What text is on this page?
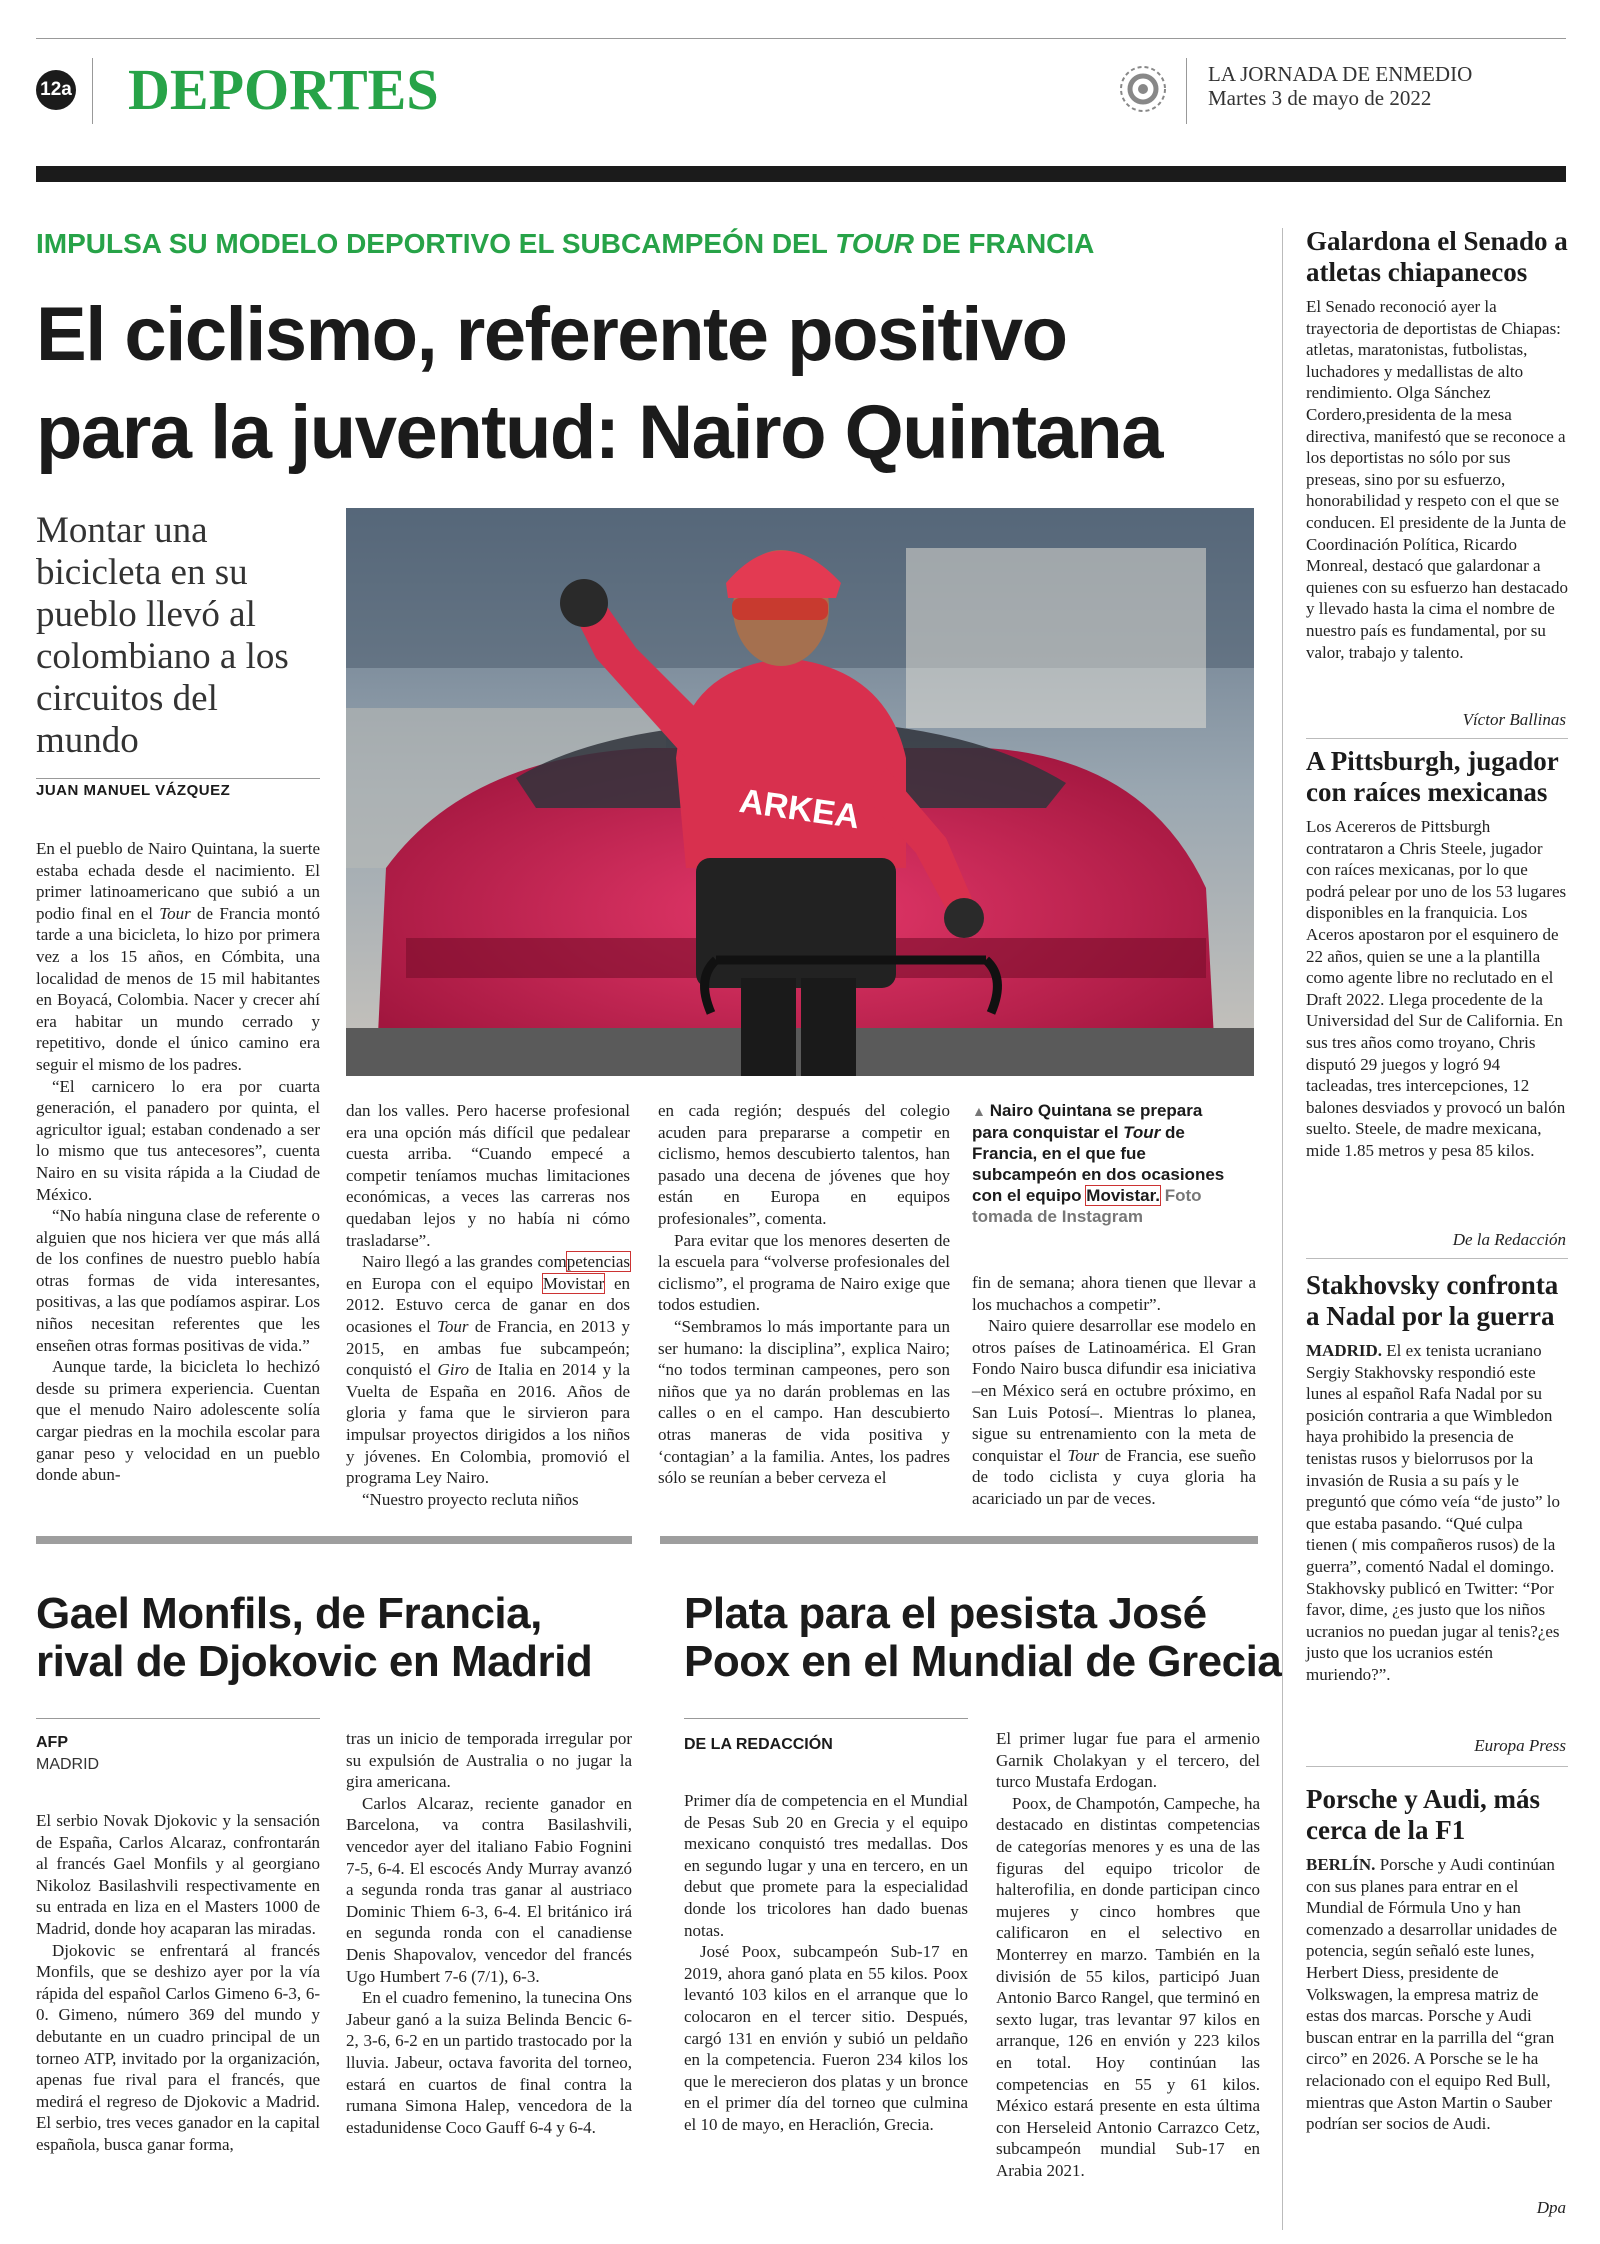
12a DEPORTES	LA JORNADA DE ENMEDIO
Martes 3 de mayo de 2022
IMPULSA SU MODELO DEPORTIVO EL SUBCAMPEÓN DEL TOUR DE FRANCIA
El ciclismo, referente positivo
para la juventud: Nairo Quintana
Montar una bicicleta en su pueblo llevó al colombiano a los circuitos del mundo
JUAN MANUEL VÁZQUEZ	ARKEA

En el pueblo de Nairo Quintana, la suerte estaba echada desde el nacimiento. El primer latinoamericano que subió a un podio final en el Tour de Francia montó tarde a una bicicleta, lo hizo por primera vez a los 15 años, en Cómbita, una localidad de menos de 15 mil habitantes en Boyacá, Colombia. Nacer y crecer ahí era habitar un mundo cerrado y repetitivo, donde el único camino era seguir el mismo de los padres.

“El carnicero lo era por cuarta generación, el panadero por quinta, el agricultor igual; estaban condenado a ser lo mismo que tus antecesores”, cuenta Nairo en su visita rápida a la Ciudad de México.

“No había ninguna clase de referente o alguien que nos hiciera ver que más allá de los confines de nuestro pueblo había otras formas de vida interesantes, positivas, a las que podíamos aspirar. Los niños necesitan referentes que les enseñen otras formas positivas de vida.”

Aunque tarde, la bicicleta lo hechizó desde su primera experiencia. Cuentan que el menudo Nairo adolescente solía cargar piedras en la mochila escolar para ganar peso y velocidad en un pueblo donde abun-

dan los valles. Pero hacerse profesional era una opción más difícil que pedalear cuesta arriba. “Cuando empecé a competir teníamos muchas limitaciones económicas, a veces las carreras nos quedaban lejos y no había ni cómo trasladarse”.

Nairo llegó a las grandes competencias en Europa con el equipo Movistar en 2012. Estuvo cerca de ganar en dos ocasiones el Tour de Francia, en 2013 y 2015, en ambas fue subcampeón; conquistó el Giro de Italia en 2014 y la Vuelta de España en 2016. Años de gloria y fama que le sirvieron para impulsar proyectos dirigidos a los niños y jóvenes. En Colombia, promovió el programa Ley Nairo.

“Nuestro proyecto recluta niños

en cada región; después del colegio acuden para prepararse a competir en ciclismo, hemos descubierto talentos, han pasado una decena de jóvenes que hoy están en Europa en equipos profesionales”, comenta.

Para evitar que los menores deserten de la escuela para “volverse profesionales del ciclismo”, el programa de Nairo exige que todos estudien.

“Sembramos lo más importante para un ser humano: la disciplina”, explica Nairo; “no todos terminan campeones, pero son niños que ya no darán problemas en las calles o en el campo. Han descubierto otras maneras de vida positiva y ‘contagian’ a la familia. Antes, los padres sólo se reunían a beber cerveza el

▲ Nairo Quintana se prepara para conquistar el Tour de Francia, en el que fue subcampeón en dos ocasiones con el equipo Movistar. Foto tomada de Instagram

fin de semana; ahora tienen que llevar a los muchachos a competir”.

Nairo quiere desarrollar ese modelo en otros países de Latinoamérica. El Gran Fondo Nairo busca difundir esa iniciativa –en México será en octubre próximo, en San Luis Potosí–. Mientras lo planea, sigue su entrenamiento con la meta de conquistar el Tour de Francia, ese sueño de todo ciclista y cuya gloria ha acariciado un par de veces.

Galardona el Senado a atletas chiapanecos
El Senado reconoció ayer la trayectoria de deportistas de Chiapas: atletas, maratonistas, futbolistas, luchadores y medallistas de alto rendimiento. Olga Sánchez Cordero,presidenta de la mesa directiva, manifestó que se reconoce a los deportistas no sólo por sus preseas, sino por su esfuerzo, honorabilidad y respeto con el que se conducen. El presidente de la Junta de Coordinación Política, Ricardo Monreal, destacó que galardonar a quienes con su esfuerzo han destacado y llevado hasta la cima el nombre de nuestro país es fundamental, por su valor, trabajo y talento.
Víctor Ballinas
A Pittsburgh, jugador con raíces mexicanas
Los Acereros de Pittsburgh contrataron a Chris Steele, jugador con raíces mexicanas, por lo que podrá pelear por uno de los 53 lugares disponibles en la franquicia. Los Aceros apostaron por el esquinero de 22 años, quien se une a la plantilla como agente libre no reclutado en el Draft 2022. Llega procedente de la Universidad del Sur de California. En sus tres años como troyano, Chris disputó 29 juegos y logró 94 tacleadas, tres intercepciones, 12 balones desviados y provocó un balón suelto. Steele, de madre mexicana, mide 1.85 metros y pesa 85 kilos.
De la Redacción
Stakhovsky confronta a Nadal por la guerra
MADRID. El ex tenista ucraniano Sergiy Stakhovsky respondió este lunes al español Rafa Nadal por su posición contraria a que Wimbledon haya prohibido la presencia de tenistas rusos y bielorrusos por la invasión de Rusia a su país y le preguntó que cómo veía “de justo” lo que estaba pasando. “Qué culpa tienen ( mis compañeros rusos) de la guerra”, comentó Nadal el domingo. Stakhovsky publicó en Twitter: “Por favor, dime, ¿es justo que los niños ucranios no puedan jugar al tenis?¿es justo que los ucranios estén muriendo?”.
Europa Press
Porsche y Audi, más cerca de la F1
BERLÍN. Porsche y Audi continúan con sus planes para entrar en el Mundial de Fórmula Uno y han comenzado a desarrollar unidades de potencia, según señaló este lunes, Herbert Diess, presidente de Volkswagen, la empresa matriz de estas dos marcas. Porsche y Audi buscan entrar en la parrilla del “gran circo” en 2026. A Porsche se le ha relacionado con el equipo Red Bull, mientras que Aston Martin o Sauber podrían ser socios de Audi.
Dpa
Gael Monfils, de Francia, rival de Djokovic en Madrid
AFP
MADRID

El serbio Novak Djokovic y la sensación de España, Carlos Alcaraz, confrontarán al francés Gael Monfils y al georgiano Nikoloz Basilashvili respectivamente en su entrada en liza en el Masters 1000 de Madrid, donde hoy acaparan las miradas.

Djokovic se enfrentará al francés Monfils, que se deshizo ayer por la vía rápida del español Carlos Gimeno 6-3, 6-0. Gimeno, número 369 del mundo y debutante en un cuadro principal de un torneo ATP, invitado por la organización, apenas fue rival para el francés, que medirá el regreso de Djokovic a Madrid. El serbio, tres veces ganador en la capital española, busca ganar forma,

tras un inicio de temporada irregular por su expulsión de Australia o no jugar la gira americana.

Carlos Alcaraz, reciente ganador en Barcelona, va contra Basilashvili, vencedor ayer del italiano Fabio Fognini 7-5, 6-4. El escocés Andy Murray avanzó a segunda ronda tras ganar al austriaco Dominic Thiem 6-3, 6-4. El británico irá en segunda ronda con el canadiense Denis Shapovalov, vencedor del francés Ugo Humbert 7-6 (7/1), 6-3.

En el cuadro femenino, la tunecina Ons Jabeur ganó a la suiza Belinda Bencic 6-2, 3-6, 6-2 en un partido trastocado por la lluvia. Jabeur, octava favorita del torneo, estará en cuartos de final contra la rumana Simona Halep, vencedora de la estadunidense Coco Gauff 6-4 y 6-4.

Plata para el pesista José Poox en el Mundial de Grecia
DE LA REDACCIÓN

Primer día de competencia en el Mundial de Pesas Sub 20 en Grecia y el equipo mexicano conquistó tres medallas. Dos en segundo lugar y una en tercero, en un debut que promete para la especialidad donde los tricolores han dado buenas notas.

José Poox, subcampeón Sub-17 en 2019, ahora ganó plata en 55 kilos. Poox levantó 103 kilos en el arranque que lo colocaron en el tercer sitio. Después, cargó 131 en envión y subió un peldaño en la competencia. Fueron 234 kilos los que le merecieron dos platas y un bronce en el primer día del torneo que culmina el 10 de mayo, en Heraclión, Grecia.

El primer lugar fue para el armenio Garnik Cholakyan y el tercero, del turco Mustafa Erdogan.

Poox, de Champotón, Campeche, ha destacado en distintas competencias de categorías menores y es una de las figuras del equipo tricolor de halterofilia, en donde participan cinco mujeres y cinco hombres que calificaron en el selectivo en Monterrey en marzo. También en la división de 55 kilos, participó Juan Antonio Barco Rangel, que terminó en sexto lugar, tras levantar 97 kilos en arranque, 126 en envión y 223 kilos en total. Hoy continúan las competencias en 55 y 61 kilos. México estará presente en esta última con Herseleid Antonio Carrazco Cetz, subcampeón mundial Sub-17 en Arabia 2021.
